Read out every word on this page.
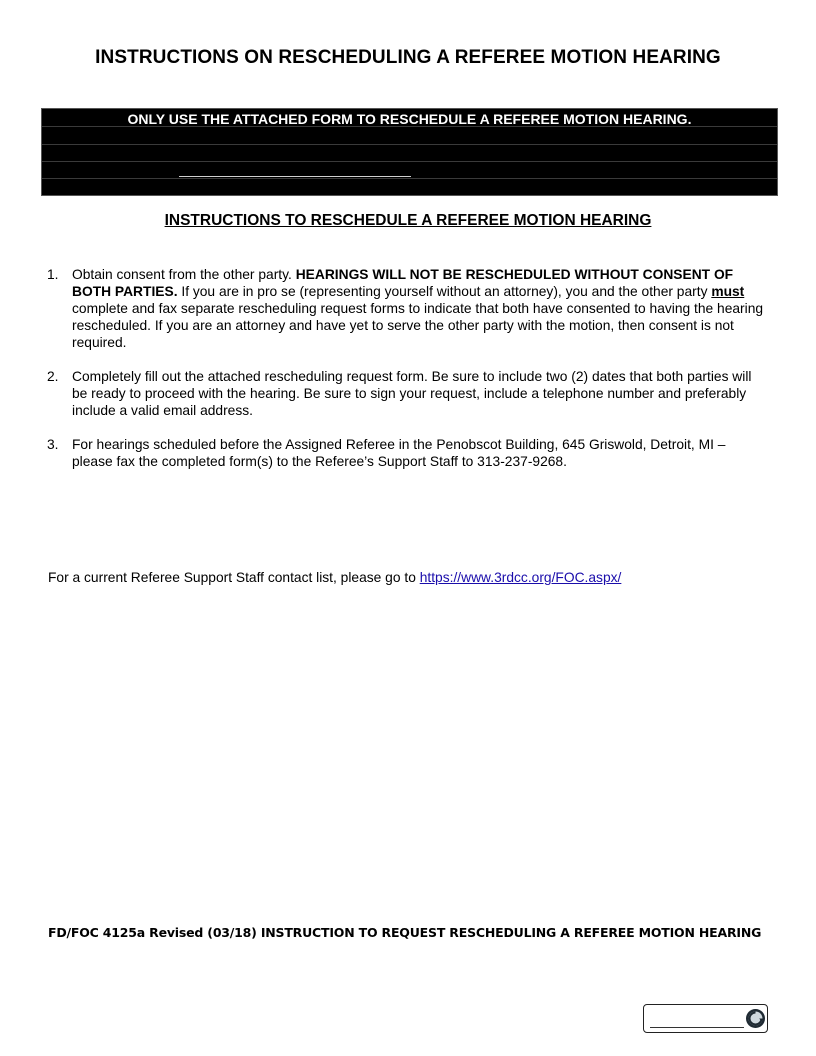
INSTRUCTIONS ON RESCHEDULING A REFEREE MOTION HEARING
ONLY USE THE ATTACHED FORM TO RESCHEDULE A REFEREE MOTION HEARING.
INSTRUCTIONS TO RESCHEDULE A REFEREE MOTION HEARING
1. Obtain consent from the other party. HEARINGS WILL NOT BE RESCHEDULED WITHOUT CONSENT OF BOTH PARTIES. If you are in pro se (representing yourself without an attorney), you and the other party must complete and fax separate rescheduling request forms to indicate that both have consented to having the hearing rescheduled. If you are an attorney and have yet to serve the other party with the motion, then consent is not required.
2. Completely fill out the attached rescheduling request form. Be sure to include two (2) dates that both parties will be ready to proceed with the hearing. Be sure to sign your request, include a telephone number and preferably include a valid email address.
3. For hearings scheduled before the Assigned Referee in the Penobscot Building, 645 Griswold, Detroit, MI – please fax the completed form(s) to the Referee’s Support Staff to 313-237-9268.
For a current Referee Support Staff contact list, please go to https://www.3rdcc.org/FOC.aspx/
FD/FOC 4125a Revised (03/18) INSTRUCTION TO REQUEST RESCHEDULING A REFEREE MOTION HEARING
